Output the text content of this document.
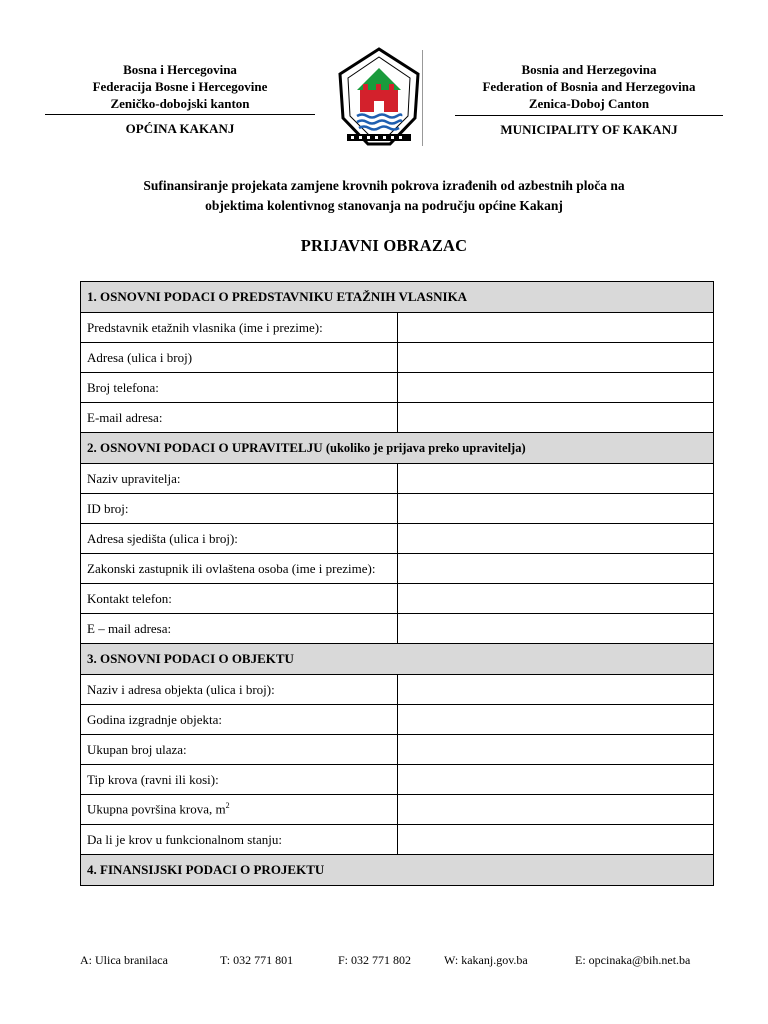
Bosna i Hercegovina
Federacija Bosne i Hercegovine
Zeničko-dobojski kanton
OPĆINA KAKANJ
Bosnia and Herzegovina
Federation of Bosnia and Herzegovina
Zenica-Doboj Canton
MUNICIPALITY OF KAKANJ
Sufinansiranje projekata zamjene krovnih pokrova izrađenih od azbestnih ploča na
objektima kolentivnog stanovanja na području općine Kakanj
PRIJAVNI OBRAZAC
1. OSNOVNI PODACI O PREDSTAVNIKU ETAŽNIH VLASNIKA	
Predstavnik etažnih vlasnika (ime i prezime):	
Adresa (ulica i broj)	
Broj telefona:	
E-mail adresa:	
2. OSNOVNI PODACI O UPRAVITELJU (ukoliko je prijava preko upravitelja)	
Naziv upravitelja:	
ID broj:	
Adresa sjedišta (ulica i broj):	
Zakonski zastupnik ili ovlaštena osoba (ime i prezime):	
Kontakt telefon:	
E – mail adresa:	
3. OSNOVNI PODACI O OBJEKTU	
Naziv i adresa objekta (ulica i broj):	
Godina izgradnje objekta:	
Ukupan broj ulaza:	
Tip krova (ravni ili kosi):	
Ukupna površina krova, $m^2$	
Da li je krov u funkcionalnom stanju:	
4. FINANSIJSKI PODACI O PROJEKTU	
A: Ulica branilaca	T: 032 771 801	F: 032 771 802	W: kakanj.gov.ba	E: opcinaka@bih.net.ba
